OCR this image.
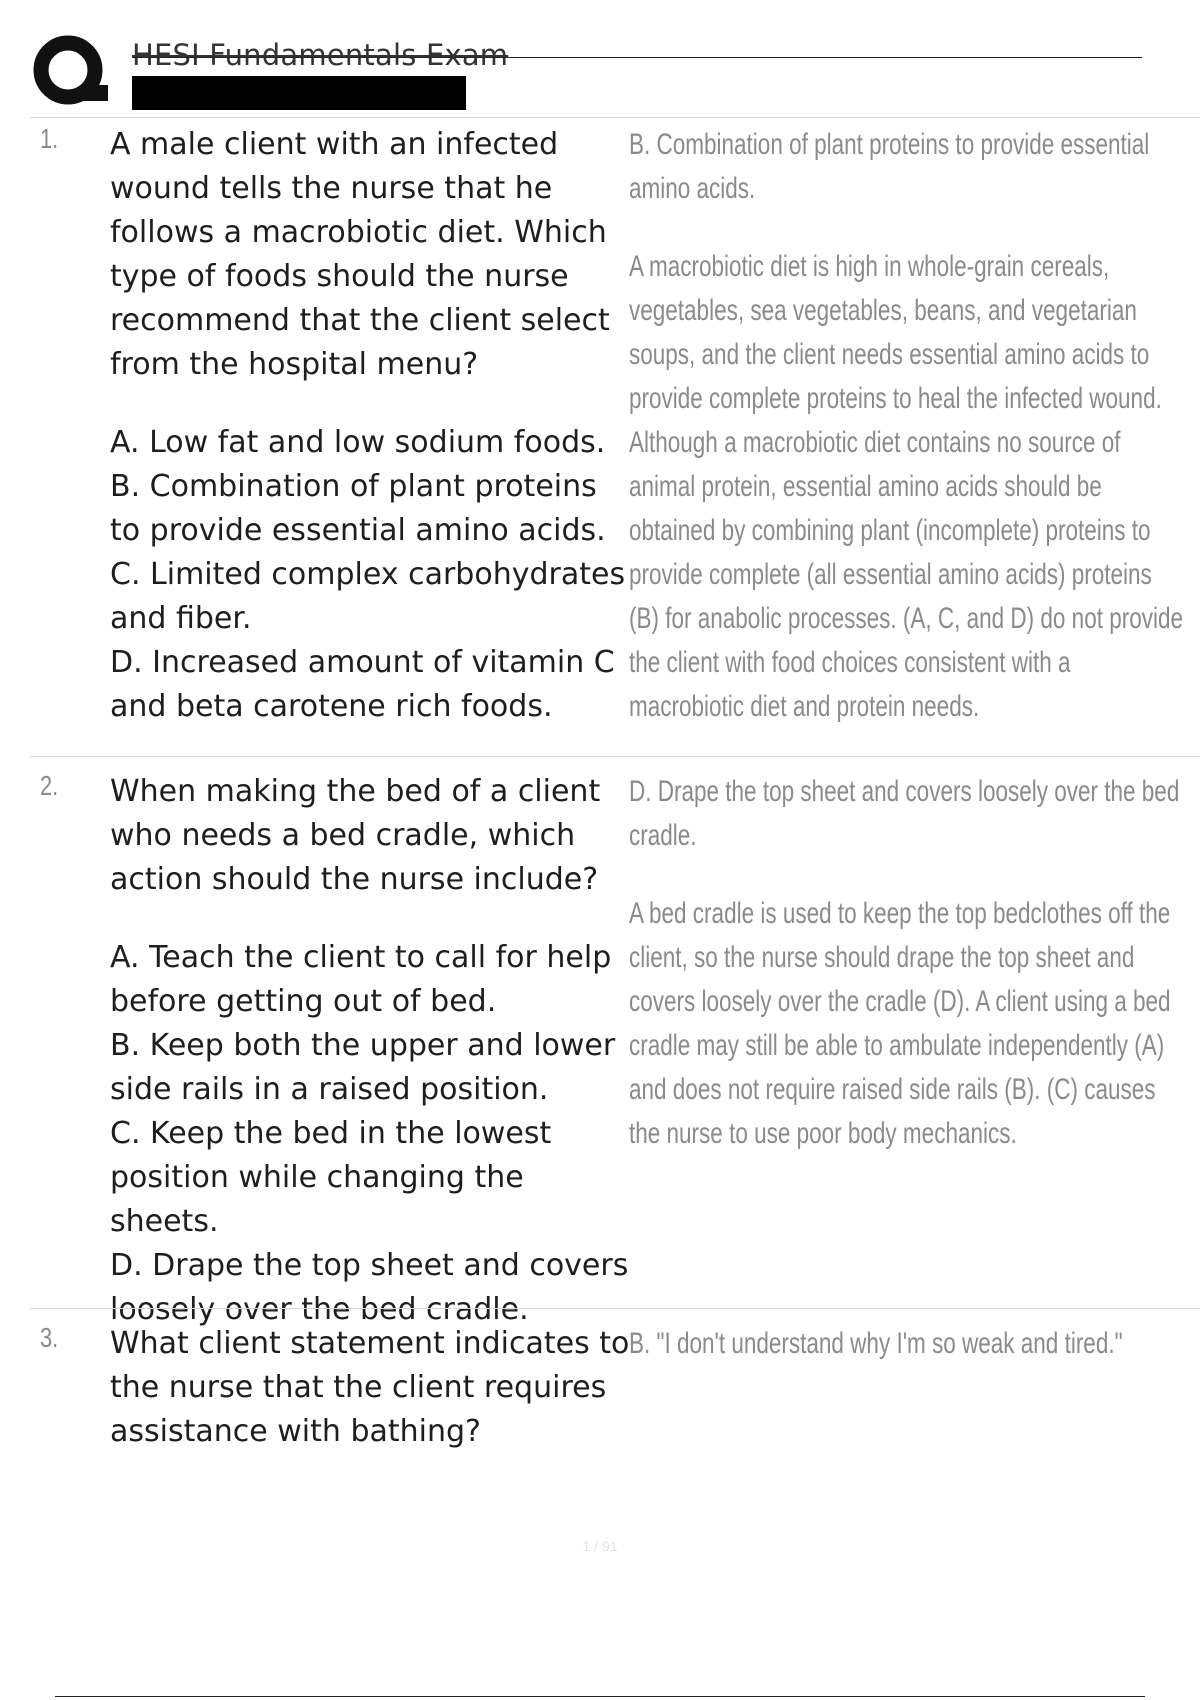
HESI Fundamentals Exam
1. A male client with an infected wound tells the nurse that he follows a macrobiotic diet. Which type of foods should the nurse recommend that the client select from the hospital menu?

A. Low fat and low sodium foods.

B. Combination of plant proteins to provide essential amino acids.

C. Limited complex carbohydrates and fiber.

D. Increased amount of vitamin C and beta carotene rich foods.

B. Combination of plant proteins to provide essential amino acids.

A macrobiotic diet is high in whole-grain cereals, vegetables, sea vegetables, beans, and vegetarian soups, and the client needs essential amino acids to provide complete proteins to heal the infected wound. Although a macrobiotic diet contains no source of animal protein, essential amino acids should be obtained by combining plant (incomplete) proteins to provide complete (all essential amino acids) proteins (B) for anabolic processes. (A, C, and D) do not provide the client with food choices consistent with a macrobiotic diet and protein needs.

2. When making the bed of a client who needs a bed cradle, which action should the nurse include?

A. Teach the client to call for help before getting out of bed.

B. Keep both the upper and lower side rails in a raised position.

C. Keep the bed in the lowest position while changing the sheets.

D. Drape the top sheet and covers loosely over the bed cradle.

D. Drape the top sheet and covers loosely over the bed cradle.

A bed cradle is used to keep the top bedclothes off the client, so the nurse should drape the top sheet and covers loosely over the cradle (D). A client using a bed cradle may still be able to ambulate independently (A) and does not require raised side rails (B). (C) causes the nurse to use poor body mechanics.

3. What client statement indicates to the nurse that the client requires assistance with bathing?

B. "I don't understand why I'm so weak and tired."

1 / 91
